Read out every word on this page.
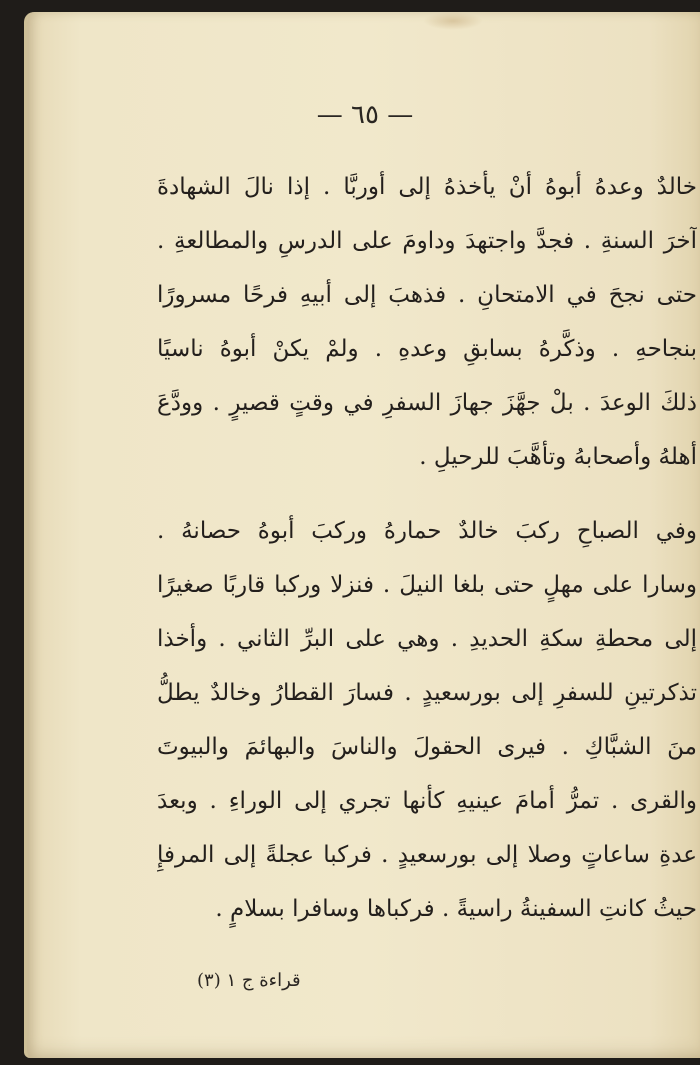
— ٦٥ —
خالدٌ وعدهُ أبوهُ أنْ يأخذهُ إلى أوربَّا . إذا نالَ الشهادةَ
آخرَ السنةِ . فجدَّ واجتهدَ وداومَ على الدرسِ والمطالعةِ .
حتى نجحَ في الامتحانِ . فذهبَ إلى أبيهِ فرحًا مسرورًا
بنجاحهِ . وذكَّرهُ بسابقِ وعدهِ . ولمْ يكنْ أبوهُ ناسيًا
ذلكَ الوعدَ . بلْ جهَّزَ جهازَ السفرِ في وقتٍ قصيرٍ . وودَّعَ
أهلهُ وأصحابهُ وتأهَّبَ للرحيلِ .
وفي الصباحِ ركبَ خالدٌ حمارهُ وركبَ أبوهُ حصانهُ .
وسارا على مهلٍ حتى بلغا النيلَ . فنزلا وركبا قاربًا صغيرًا
إلى محطةِ سكةِ الحديدِ . وهي على البرِّ الثاني . وأخذا
تذكرتينِ للسفرِ إلى بورسعيدٍ . فسارَ القطارُ وخالدٌ يطلُّ
منَ الشبَّاكِ . فيرى الحقولَ والناسَ والبهائمَ والبيوتَ
والقرى . تمرُّ أمامَ عينيهِ كأنها تجري إلى الوراءِ . وبعدَ
عدةِ ساعاتٍ وصلا إلى بورسعيدٍ . فركبا عجلةً إلى المرفإِ
حيثُ كانتِ السفينةُ راسيةً . فركباها وسافرا بسلامٍ .
قراءة ج ١ (٣)
